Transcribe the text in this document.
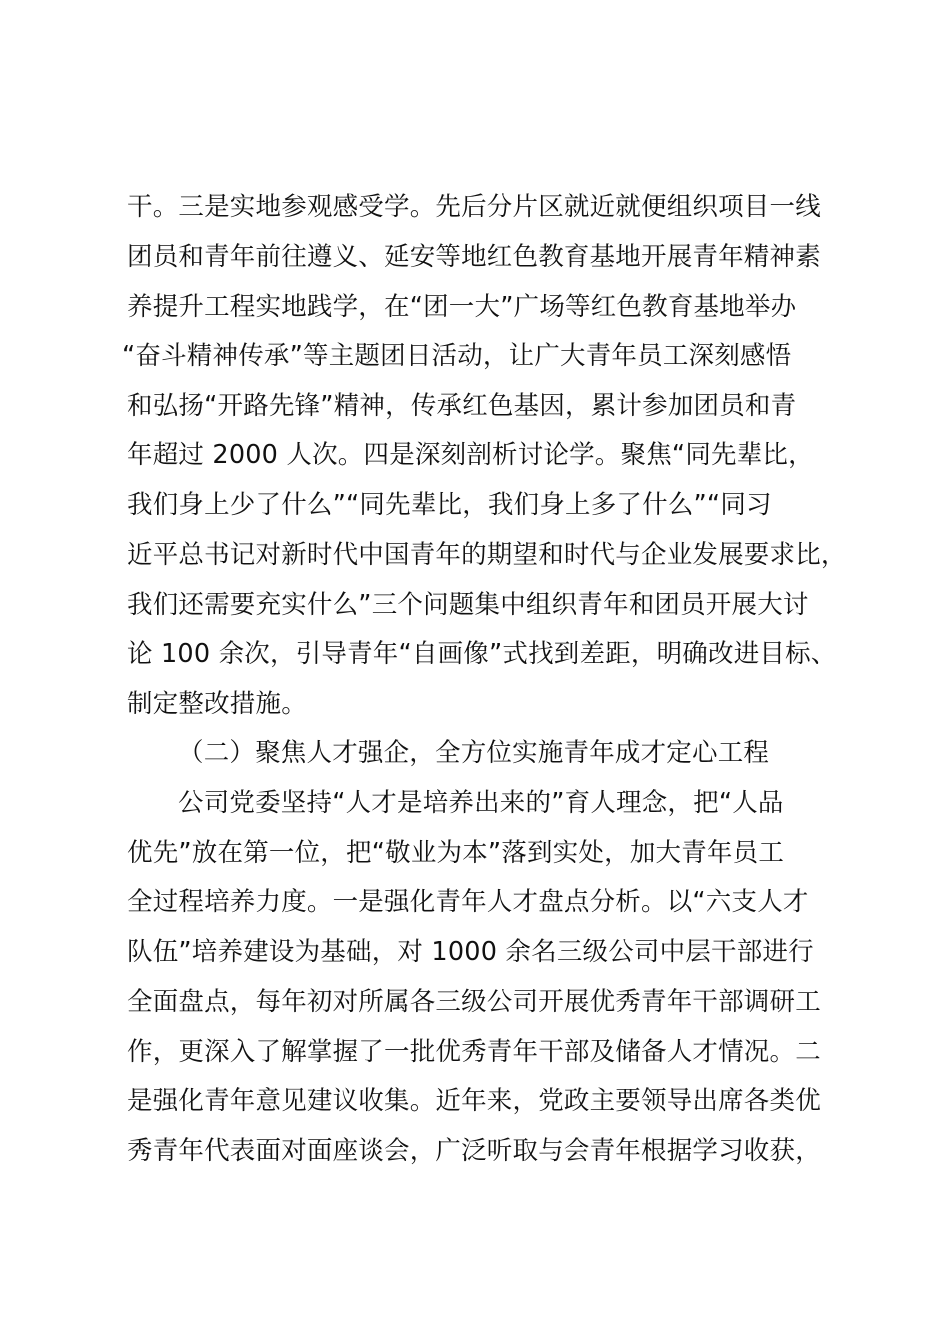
干。三是实地参观感受学。先后分片区就近就便组织项目一线
团员和青年前往遵义、延安等地红色教育基地开展青年精神素
养提升工程实地践学，在“团一大”广场等红色教育基地举办
“奋斗精神传承”等主题团日活动，让广大青年员工深刻感悟
和弘扬“开路先锋”精神，传承红色基因，累计参加团员和青
年超过 2000 人次。四是深刻剖析讨论学。聚焦“同先辈比，
我们身上少了什么”“同先辈比，我们身上多了什么”“同习
近平总书记对新时代中国青年的期望和时代与企业发展要求比，
我们还需要充实什么”三个问题集中组织青年和团员开展大讨
论 100 余次，引导青年“自画像”式找到差距，明确改进目标、
制定整改措施。
（二）聚焦人才强企，全方位实施青年成才定心工程
公司党委坚持“人才是培养出来的”育人理念，把“人品
优先”放在第一位，把“敬业为本”落到实处，加大青年员工
全过程培养力度。一是强化青年人才盘点分析。以“六支人才
队伍”培养建设为基础，对 1000 余名三级公司中层干部进行
全面盘点，每年初对所属各三级公司开展优秀青年干部调研工
作，更深入了解掌握了一批优秀青年干部及储备人才情况。二
是强化青年意见建议收集。近年来，党政主要领导出席各类优
秀青年代表面对面座谈会，广泛听取与会青年根据学习收获，
